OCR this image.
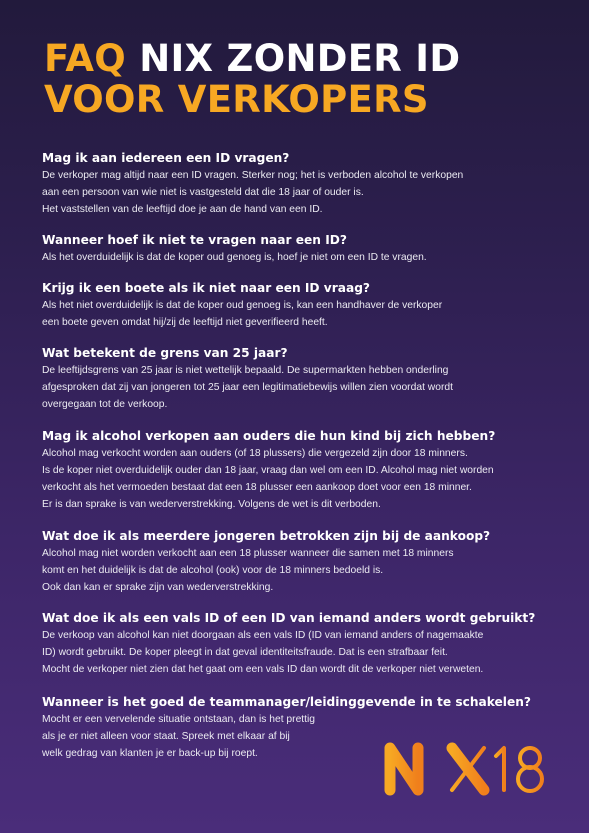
FAQ NIX ZONDER ID
VOOR VERKOPERS

Mag ik aan iedereen een ID vragen?

De verkoper mag altijd naar een ID vragen. Sterker nog; het is verboden alcohol te verkopen
aan een persoon van wie niet is vastgesteld dat die 18 jaar of ouder is.
Het vaststellen van de leeftijd doe je aan de hand van een ID.

Wanneer hoef ik niet te vragen naar een ID?

Als het overduidelijk is dat de koper oud genoeg is, hoef je niet om een ID te vragen.

Krijg ik een boete als ik niet naar een ID vraag?

Als het niet overduidelijk is dat de koper oud genoeg is, kan een handhaver de verkoper
een boete geven omdat hij/zij de leeftijd niet geverifieerd heeft.

Wat betekent de grens van 25 jaar?

De leeftijdsgrens van 25 jaar is niet wettelijk bepaald. De supermarkten hebben onderling
afgesproken dat zij van jongeren tot 25 jaar een legitimatiebewijs willen zien voordat wordt
overgegaan tot de verkoop.

Mag ik alcohol verkopen aan ouders die hun kind bij zich hebben?

Alcohol mag verkocht worden aan ouders (of 18 plussers) die vergezeld zijn door 18 minners.
Is de koper niet overduidelijk ouder dan 18 jaar, vraag dan wel om een ID. Alcohol mag niet worden
verkocht als het vermoeden bestaat dat een 18 plusser een aankoop doet voor een 18 minner.
Er is dan sprake is van wederverstrekking. Volgens de wet is dit verboden.

Wat doe ik als meerdere jongeren betrokken zijn bij de aankoop?

Alcohol mag niet worden verkocht aan een 18 plusser wanneer die samen met 18 minners
komt en het duidelijk is dat de alcohol (ook) voor de 18 minners bedoeld is.
Ook dan kan er sprake zijn van wederverstrekking.

Wat doe ik als een vals ID of een ID van iemand anders wordt gebruikt?

De verkoop van alcohol kan niet doorgaan als een vals ID (ID van iemand anders of nagemaakte
ID) wordt gebruikt. De koper pleegt in dat geval identiteitsfraude. Dat is een strafbaar feit.
Mocht de verkoper niet zien dat het gaat om een vals ID dan wordt dit de verkoper niet verweten.

Wanneer is het goed de teammanager/leidinggevende in te schakelen?

Mocht er een vervelende situatie ontstaan, dan is het prettig
als je er niet alleen voor staat. Spreek met elkaar af bij
welk gedrag van klanten je er back-up bij roept.
